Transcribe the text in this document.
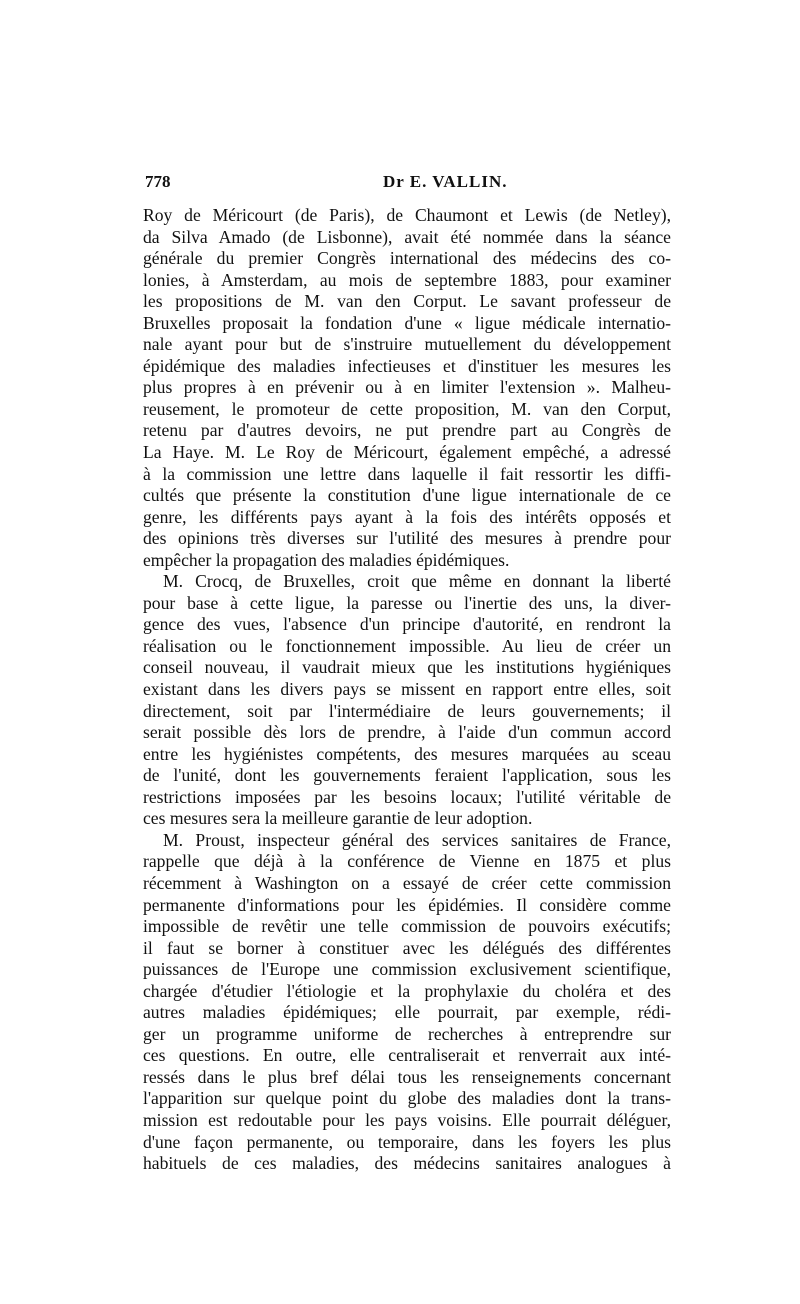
778	Dr E. VALLIN.
Roy de Méricourt (de Paris), de Chaumont et Lewis (de Netley),
da Silva Amado (de Lisbonne), avait été nommée dans la séance
générale du premier Congrès international des médecins des co-
lonies, à Amsterdam, au mois de septembre 1883, pour examiner
les propositions de M. van den Corput. Le savant professeur de
Bruxelles proposait la fondation d'une « ligue médicale internatio-
nale ayant pour but de s'instruire mutuellement du développement
épidémique des maladies infectieuses et d'instituer les mesures les
plus propres à en prévenir ou à en limiter l'extension ». Malheu-
reusement, le promoteur de cette proposition, M. van den Corput,
retenu par d'autres devoirs, ne put prendre part au Congrès de
La Haye. M. Le Roy de Méricourt, également empêché, a adressé
à la commission une lettre dans laquelle il fait ressortir les diffi-
cultés que présente la constitution d'une ligue internationale de ce
genre, les différents pays ayant à la fois des intérêts opposés et
des opinions très diverses sur l'utilité des mesures à prendre pour
empêcher la propagation des maladies épidémiques.
M. Crocq, de Bruxelles, croit que même en donnant la liberté
pour base à cette ligue, la paresse ou l'inertie des uns, la diver-
gence des vues, l'absence d'un principe d'autorité, en rendront la
réalisation ou le fonctionnement impossible. Au lieu de créer un
conseil nouveau, il vaudrait mieux que les institutions hygiéniques
existant dans les divers pays se missent en rapport entre elles, soit
directement, soit par l'intermédiaire de leurs gouvernements; il
serait possible dès lors de prendre, à l'aide d'un commun accord
entre les hygiénistes compétents, des mesures marquées au sceau
de l'unité, dont les gouvernements feraient l'application, sous les
restrictions imposées par les besoins locaux; l'utilité véritable de
ces mesures sera la meilleure garantie de leur adoption.
M. Proust, inspecteur général des services sanitaires de France,
rappelle que déjà à la conférence de Vienne en 1875 et plus
récemment à Washington on a essayé de créer cette commission
permanente d'informations pour les épidémies. Il considère comme
impossible de revêtir une telle commission de pouvoirs exécutifs;
il faut se borner à constituer avec les délégués des différentes
puissances de l'Europe une commission exclusivement scientifique,
chargée d'étudier l'étiologie et la prophylaxie du choléra et des
autres maladies épidémiques; elle pourrait, par exemple, rédi-
ger un programme uniforme de recherches à entreprendre sur
ces questions. En outre, elle centraliserait et renverrait aux inté-
ressés dans le plus bref délai tous les renseignements concernant
l'apparition sur quelque point du globe des maladies dont la trans-
mission est redoutable pour les pays voisins. Elle pourrait déléguer,
d'une façon permanente, ou temporaire, dans les foyers les plus
habituels de ces maladies, des médecins sanitaires analogues à
